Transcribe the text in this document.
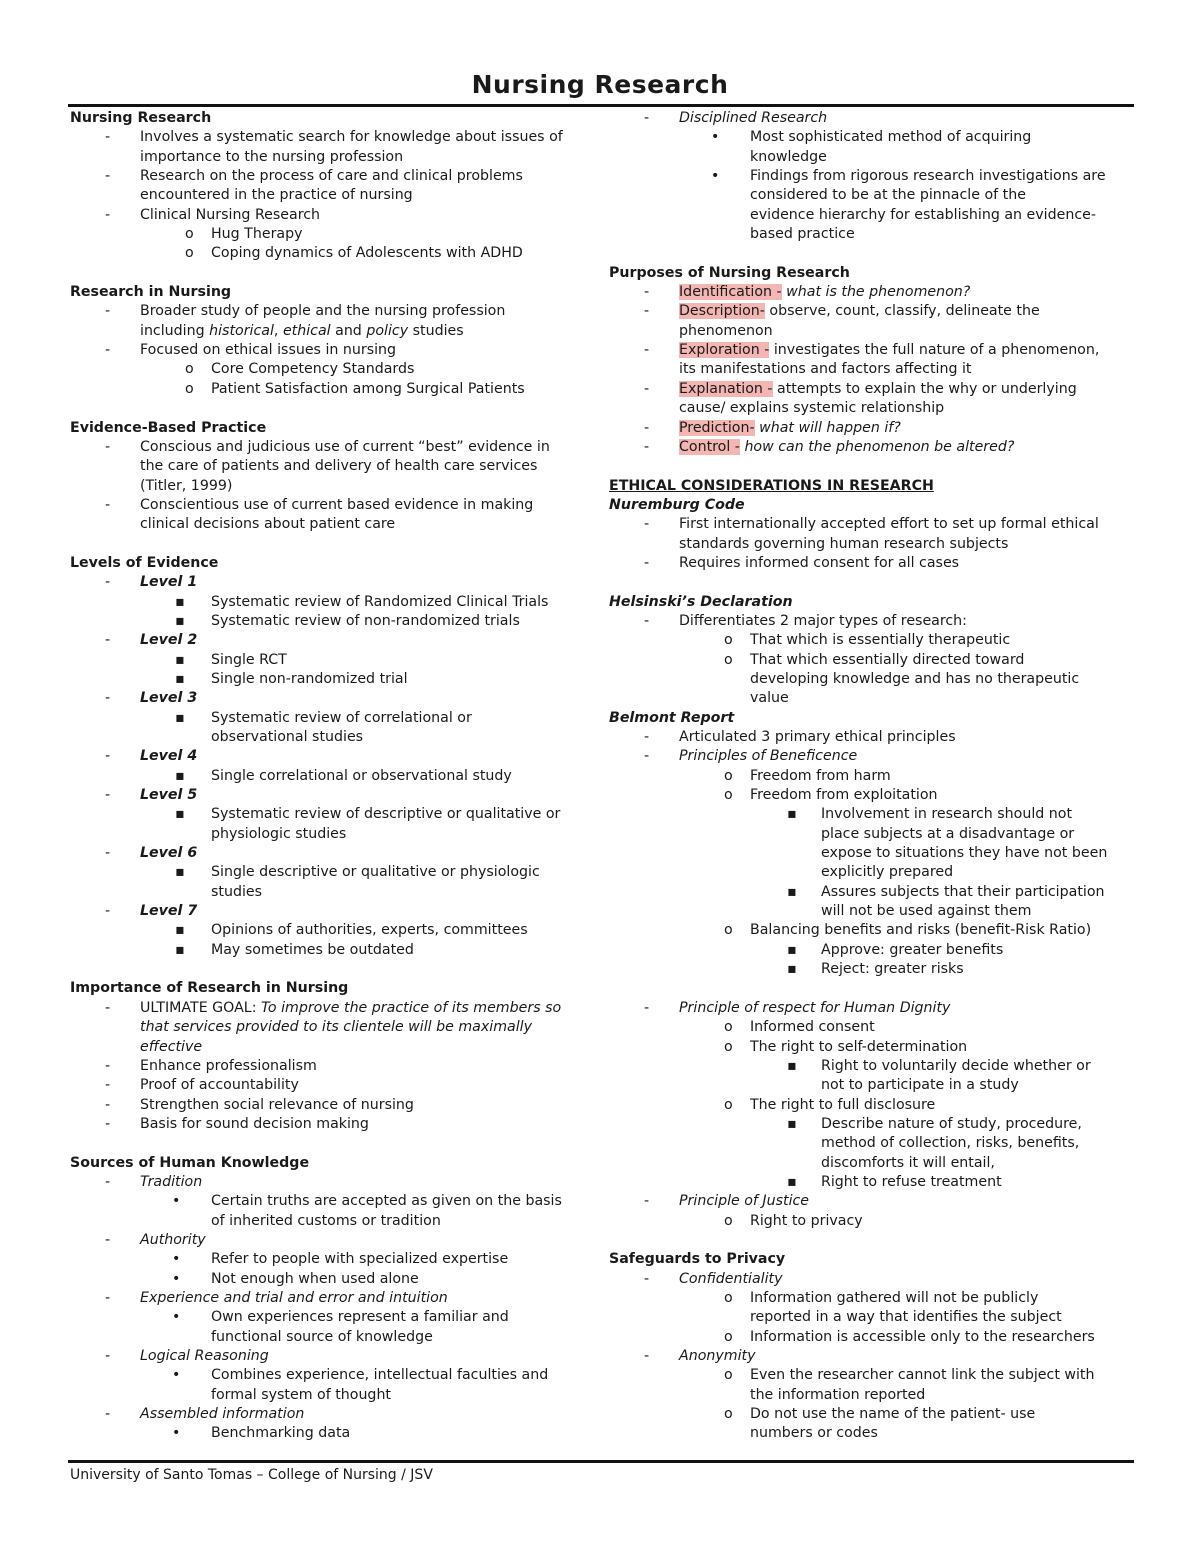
Nursing Research
Nursing Research
- Involves a systematic search for knowledge about issues of
importance to the nursing profession
- Research on the process of care and clinical problems
encountered in the practice of nursing
- Clinical Nursing Research
o Hug Therapy
o Coping dynamics of Adolescents with ADHD
Research in Nursing
- Broader study of people and the nursing profession
including historical, ethical and policy studies
- Focused on ethical issues in nursing
o Core Competency Standards
o Patient Satisfaction among Surgical Patients
Evidence-Based Practice
- Conscious and judicious use of current “best” evidence in
the care of patients and delivery of health care services
(Titler, 1999)
- Conscientious use of current based evidence in making
clinical decisions about patient care
Levels of Evidence
- Level 1
▪ Systematic review of Randomized Clinical Trials
▪ Systematic review of non-randomized trials
- Level 2
▪ Single RCT
▪ Single non-randomized trial
- Level 3
▪ Systematic review of correlational or
observational studies
- Level 4
▪ Single correlational or observational study
- Level 5
▪ Systematic review of descriptive or qualitative or
physiologic studies
- Level 6
▪ Single descriptive or qualitative or physiologic
studies
- Level 7
▪ Opinions of authorities, experts, committees
▪ May sometimes be outdated
Importance of Research in Nursing
- ULTIMATE GOAL: To improve the practice of its members so
that services provided to its clientele will be maximally
effective
- Enhance professionalism
- Proof of accountability
- Strengthen social relevance of nursing
- Basis for sound decision making
Sources of Human Knowledge
- Tradition
• Certain truths are accepted as given on the basis
of inherited customs or tradition
- Authority
• Refer to people with specialized expertise
• Not enough when used alone
- Experience and trial and error and intuition
• Own experiences represent a familiar and
functional source of knowledge
- Logical Reasoning
• Combines experience, intellectual faculties and
formal system of thought
- Assembled information
• Benchmarking data
- Disciplined Research
• Most sophisticated method of acquiring
knowledge
• Findings from rigorous research investigations are
considered to be at the pinnacle of the
evidence hierarchy for establishing an evidence-
based practice
Purposes of Nursing Research
- Identification - what is the phenomenon?
- Description- observe, count, classify, delineate the
phenomenon
- Exploration - investigates the full nature of a phenomenon,
its manifestations and factors affecting it
- Explanation - attempts to explain the why or underlying
cause/ explains systemic relationship
- Prediction- what will happen if?
- Control - how can the phenomenon be altered?
ETHICAL CONSIDERATIONS IN RESEARCH
Nuremburg Code
- First internationally accepted effort to set up formal ethical
standards governing human research subjects
- Requires informed consent for all cases
Helsinski’s Declaration
- Differentiates 2 major types of research:
o That which is essentially therapeutic
o That which essentially directed toward
developing knowledge and has no therapeutic
value
Belmont Report
- Articulated 3 primary ethical principles
- Principles of Beneficence
o Freedom from harm
o Freedom from exploitation
▪ Involvement in research should not
place subjects at a disadvantage or
expose to situations they have not been
explicitly prepared
▪ Assures subjects that their participation
will not be used against them
o Balancing benefits and risks (benefit-Risk Ratio)
▪ Approve: greater benefits
▪ Reject: greater risks
- Principle of respect for Human Dignity
o Informed consent
o The right to self-determination
▪ Right to voluntarily decide whether or
not to participate in a study
o The right to full disclosure
▪ Describe nature of study, procedure,
method of collection, risks, benefits,
discomforts it will entail,
▪ Right to refuse treatment
- Principle of Justice
o Right to privacy
Safeguards to Privacy
- Confidentiality
o Information gathered will not be publicly
reported in a way that identifies the subject
o Information is accessible only to the researchers
- Anonymity
o Even the researcher cannot link the subject with
the information reported
o Do not use the name of the patient- use
numbers or codes
University of Santo Tomas – College of Nursing / JSV
